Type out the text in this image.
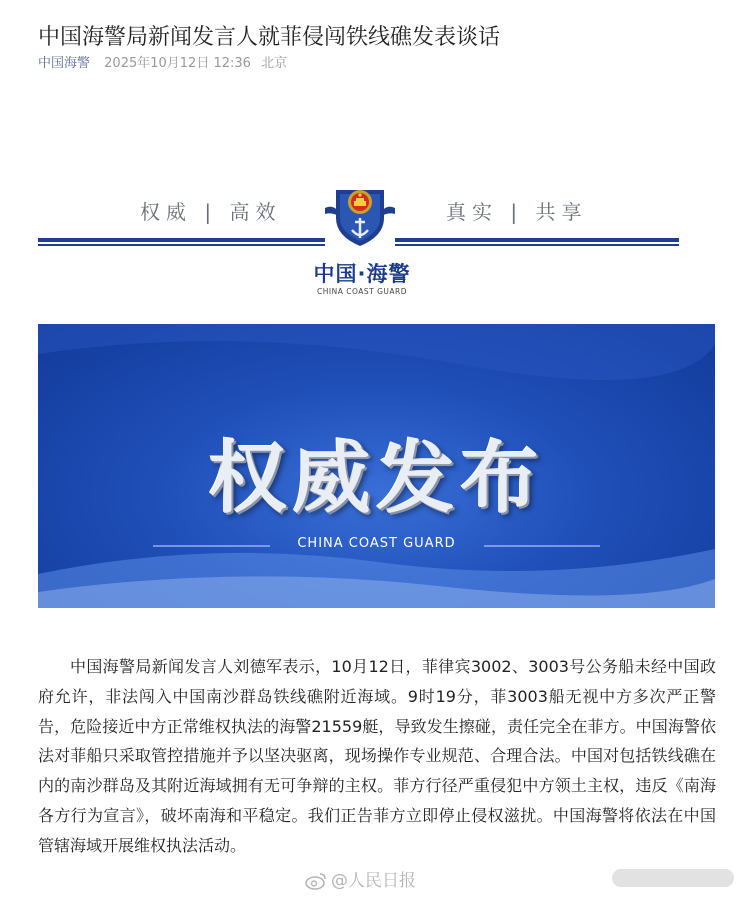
中国海警局新闻发言人就菲侵闯铁线礁发表谈话
中国海警 2025年10月12日 12:36 北京
权威 | 高效	真实 | 共享
中国·海警
CHINA COAST GUARD
权威发布
CHINA COAST GUARD

中国海警局新闻发言人刘德军表示，10月12日，菲律宾3002、3003号公务船未经中国政府允许，非法闯入中国南沙群岛铁线礁附近海域。9时19分，菲3003船无视中方多次严正警告，危险接近中方正常维权执法的海警21559艇，导致发生擦碰，责任完全在菲方。中国海警依法对菲船只采取管控措施并予以坚决驱离，现场操作专业规范、合理合法。中国对包括铁线礁在内的南沙群岛及其附近海域拥有无可争辩的主权。菲方行径严重侵犯中方领土主权，违反《南海各方行为宣言》，破坏南海和平稳定。我们正告菲方立即停止侵权滋扰。中国海警将依法在中国管辖海域开展维权执法活动。

@人民日报
